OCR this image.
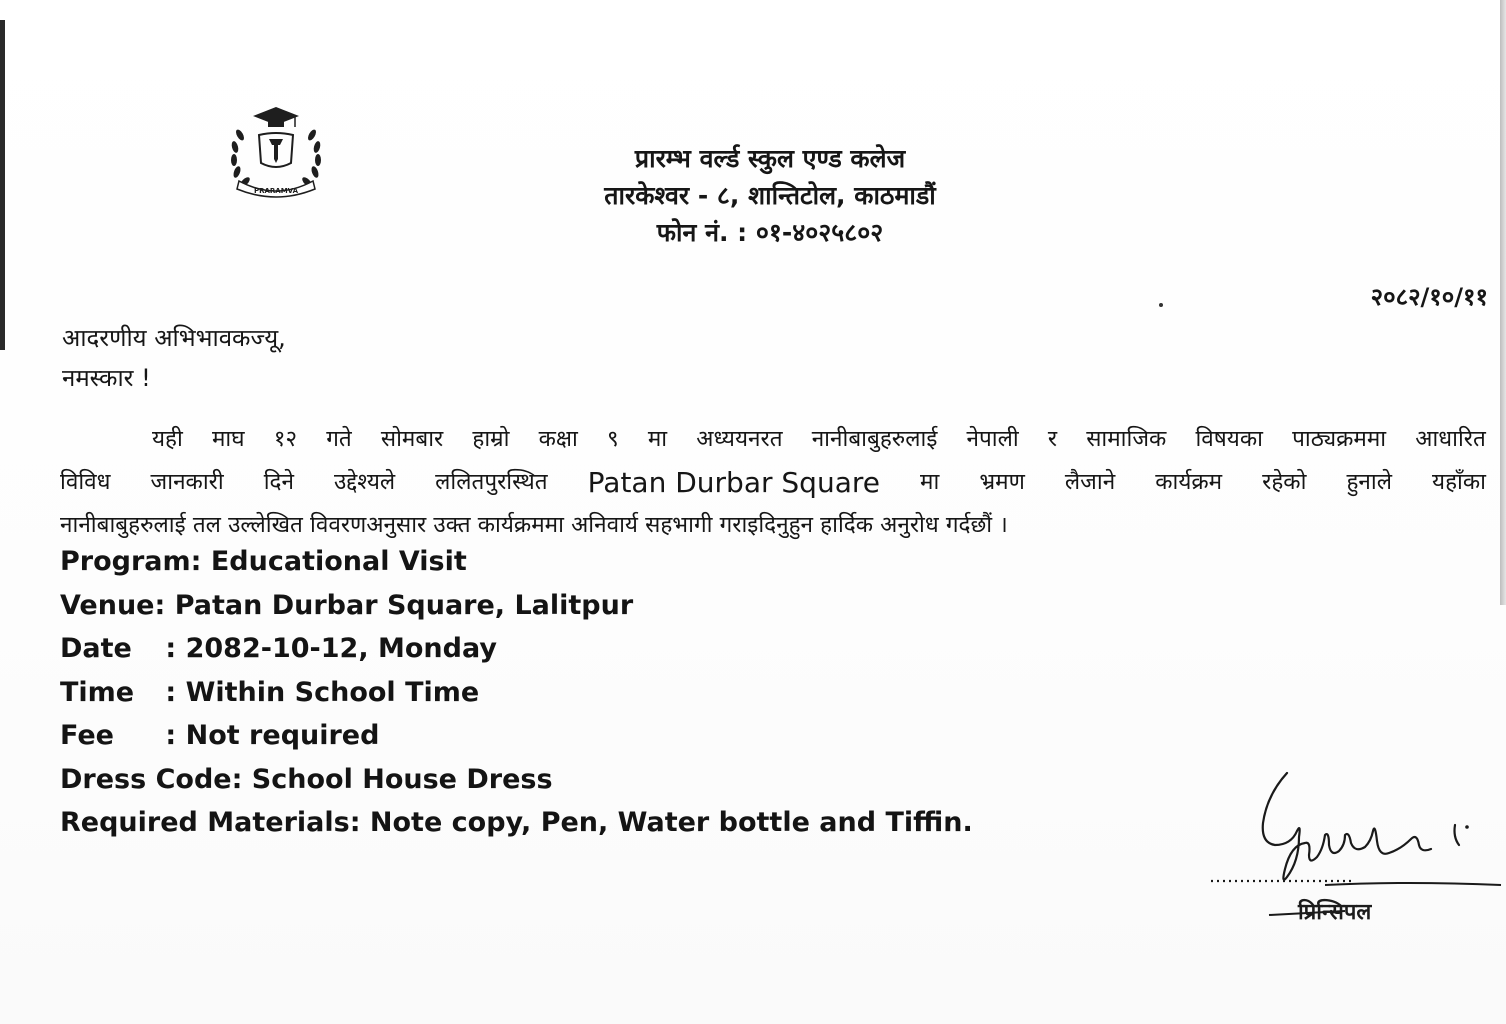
PRARAMVA
प्रारम्भ वर्ल्ड स्कुल एण्ड कलेज
तारकेश्वर - ८, शान्तिटोल, काठमाडौं
फोन नं. : ०१-४०२५८०२
२०८२/१०/११
आदरणीय अभिभावकज्यू,
नमस्कार !
यही माघ १२ गते सोमबार हाम्रो कक्षा ९ मा अध्ययनरत नानीबाबुहरुलाई नेपाली र सामाजिक विषयका पाठ्यक्रममा आधारित
विविध जानकारी दिने उद्देश्यले ललितपुरस्थित Patan Durbar Square मा भ्रमण लैजाने कार्यक्रम रहेको हुनाले यहाँका
नानीबाबुहरुलाई तल उल्लेखित विवरणअनुसार उक्त कार्यक्रममा अनिवार्य सहभागी गराइदिनुहुन हार्दिक अनुरोध गर्दछौं ।
Program : Educational Visit
Venue : Patan Durbar Square, Lalitpur
Date : 2082-10-12, Monday
Time : Within School Time
Fee	: Not required
Dress Code : School House Dress
Required Materials : Note copy, Pen, Water bottle and Tiffin.
Lyabsali
प्रिन्सिपल
